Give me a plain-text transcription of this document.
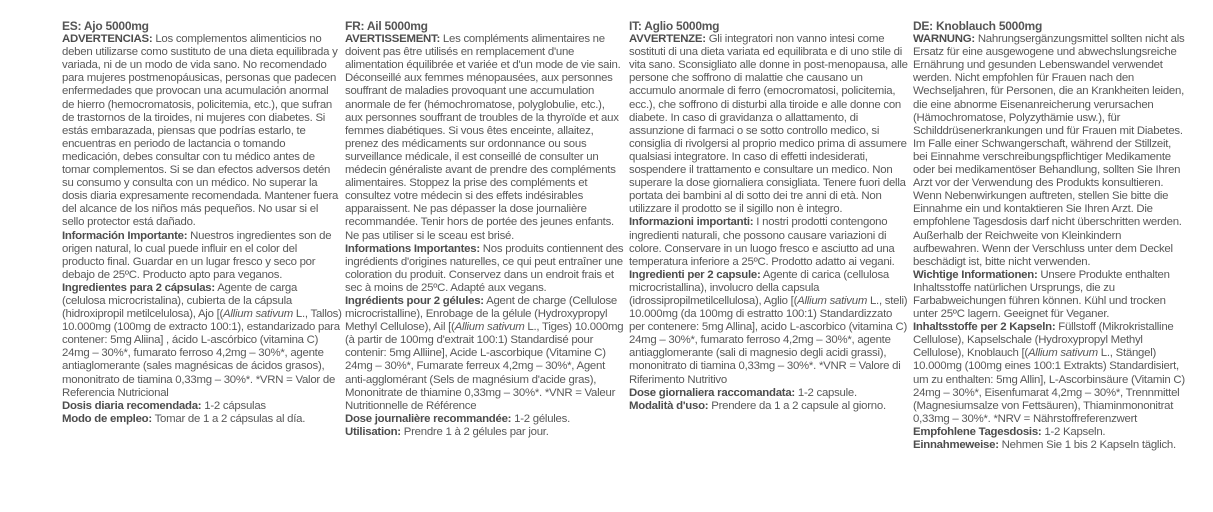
ES: Ajo 5000mg

ADVERTENCIAS: Los complementos alimenticios no deben utilizarse como sustituto de una dieta equilibrada y variada, ni de un modo de vida sano. No recomendado para mujeres postmenopáusicas, personas que padecen enfermedades que provocan una acumulación anormal de hierro (hemocromatosis, policitemia, etc.), que sufran de trastornos de la tiroides, ni mujeres con diabetes. Si estás embarazada, piensas que podrías estarlo, te encuentras en periodo de lactancia o tomando medicación, debes consultar con tu médico antes de tomar complementos. Si se dan efectos adversos detén su consumo y consulta con un médico. No superar la dosis diaria expresamente recomendada. Mantener fuera del alcance de los niños más pequeños. No usar si el sello protector está dañado.

Información Importante: Nuestros ingredientes son de origen natural, lo cual puede influir en el color del producto final. Guardar en un lugar fresco y seco por debajo de 25ºC. Producto apto para veganos.

Ingredientes para 2 cápsulas: Agente de carga (celulosa microcristalina), cubierta de la cápsula (hidroxipropil metilcelulosa), Ajo [(Allium sativum L., Tallos) 10.000mg (100mg de extracto 100:1), estandarizado para contener: 5mg Aliina] , ácido L-ascórbico (vitamina C) 24mg – 30%*, fumarato ferroso 4,2mg – 30%*, agente antiaglomerante (sales magnésicas de ácidos grasos), mononitrato de tiamina 0,33mg – 30%*. *VRN = Valor de Referencia Nutricional

Dosis diaria recomendada: 1-2 cápsulas

Modo de empleo: Tomar de 1 a 2 cápsulas al día.

FR: Ail 5000mg

AVERTISSEMENT: Les compléments alimentaires ne doivent pas être utilisés en remplacement d'une alimentation équilibrée et variée et d'un mode de vie sain. Déconseillé aux femmes ménopausées, aux personnes souffrant de maladies provoquant une accumulation anormale de fer (hémochromatose, polyglobulie, etc.), aux personnes souffrant de troubles de la thyroïde et aux femmes diabétiques. Si vous êtes enceinte, allaitez, prenez des médicaments sur ordonnance ou sous surveillance médicale, il est conseillé de consulter un médecin généraliste avant de prendre des compléments alimentaires. Stoppez la prise des compléments et consultez votre médecin si des effets indésirables apparaissent. Ne pas dépasser la dose journalière recommandée. Tenir hors de portée des jeunes enfants. Ne pas utiliser si le sceau est brisé.

Informations Importantes: Nos produits contiennent des ingrédients d'origines naturelles, ce qui peut entraîner une coloration du produit. Conservez dans un endroit frais et sec à moins de 25ºC. Adapté aux vegans.

Ingrédients pour 2 gélules: Agent de charge (Cellulose microcristalline), Enrobage de la gélule (Hydroxypropyl Methyl Cellulose), Ail [(Allium sativum L., Tiges) 10.000mg (à partir de 100mg d'extrait 100:1) Standardisé pour contenir: 5mg Alliine], Acide L-ascorbique (Vitamine C) 24mg – 30%*, Fumarate ferreux 4,2mg – 30%*, Agent anti-agglomérant (Sels de magnésium d'acide gras), Mononitrate de thiamine 0,33mg – 30%*. *VNR = Valeur Nutritionnelle de Référence

Dose journalière recommandée: 1-2 gélules.

Utilisation: Prendre 1 à 2 gélules par jour.

IT: Aglio 5000mg

AVVERTENZE: Gli integratori non vanno intesi come sostituti di una dieta variata ed equilibrata e di uno stile di vita sano. Sconsigliato alle donne in post-menopausa, alle persone che soffrono di malattie che causano un accumulo anormale di ferro (emocromatosi, policitemia, ecc.), che soffrono di disturbi alla tiroide e alle donne con diabete. In caso di gravidanza o allattamento, di assunzione di farmaci o se sotto controllo medico, si consiglia di rivolgersi al proprio medico prima di assumere qualsiasi integratore. In caso di effetti indesiderati, sospendere il trattamento e consultare un medico. Non superare la dose giornaliera consigliata. Tenere fuori della portata dei bambini al di sotto dei tre anni di età. Non utilizzare il prodotto se il sigillo non è integro.

Informazioni importanti: I nostri prodotti contengono ingredienti naturali, che possono causare variazioni di colore. Conservare in un luogo fresco e asciutto ad una temperatura inferiore a 25ºC. Prodotto adatto ai vegani.

Ingredienti per 2 capsule: Agente di carica (cellulosa microcristallina), involucro della capsula (idrossipropilmetilcellulosa), Aglio [(Allium sativum L., steli) 10.000mg (da 100mg di estratto 100:1) Standardizzato per contenere: 5mg Allina], acido L-ascorbico (vitamina C) 24mg – 30%*, fumarato ferroso 4,2mg – 30%*, agente antiagglomerante (sali di magnesio degli acidi grassi), mononitrato di tiamina 0,33mg – 30%*. *VNR = Valore di Riferimento Nutritivo

Dose giornaliera raccomandata: 1-2 capsule.

Modalità d'uso: Prendere da 1 a 2 capsule al giorno.

DE: Knoblauch 5000mg

WARNUNG: Nahrungsergänzungsmittel sollten nicht als Ersatz für eine ausgewogene und abwechslungsreiche Ernährung und gesunden Lebenswandel verwendet werden. Nicht empfohlen für Frauen nach den Wechseljahren, für Personen, die an Krankheiten leiden, die eine abnorme Eisenanreicherung verursachen (Hämochromatose, Polyzythämie usw.), für Schilddrüsenerkrankungen und für Frauen mit Diabetes. Im Falle einer Schwangerschaft, während der Stillzeit, bei Einnahme verschreibungspflichtiger Medikamente oder bei medikamentöser Behandlung, sollten Sie Ihren Arzt vor der Verwendung des Produkts konsultieren. Wenn Nebenwirkungen auftreten, stellen Sie bitte die Einnahme ein und kontaktieren Sie Ihren Arzt. Die empfohlene Tagesdosis darf nicht überschritten werden. Außerhalb der Reichweite von Kleinkindern aufbewahren. Wenn der Verschluss unter dem Deckel beschädigt ist, bitte nicht verwenden.

Wichtige Informationen: Unsere Produkte enthalten Inhaltsstoffe natürlichen Ursprungs, die zu Farbabweichungen führen können. Kühl und trocken unter 25ºC lagern. Geeignet für Veganer.

Inhaltsstoffe per 2 Kapseln: Füllstoff (Mikrokristalline Cellulose), Kapselschale (Hydroxypropyl Methyl Cellulose), Knoblauch [(Allium sativum L., Stängel) 10.000mg (100mg eines 100:1 Extrakts) Standardisiert, um zu enthalten: 5mg Allin], L-Ascorbinsäure (Vitamin C) 24mg – 30%*, Eisenfumarat 4,2mg – 30%*, Trennmittel (Magnesiumsalze von Fettsäuren), Thiaminmononitrat 0,33mg – 30%*. *NRV = Nährstoffreferenzwert

Empfohlene Tagesdosis: 1-2 Kapseln.

Einnahmeweise: Nehmen Sie 1 bis 2 Kapseln täglich.
